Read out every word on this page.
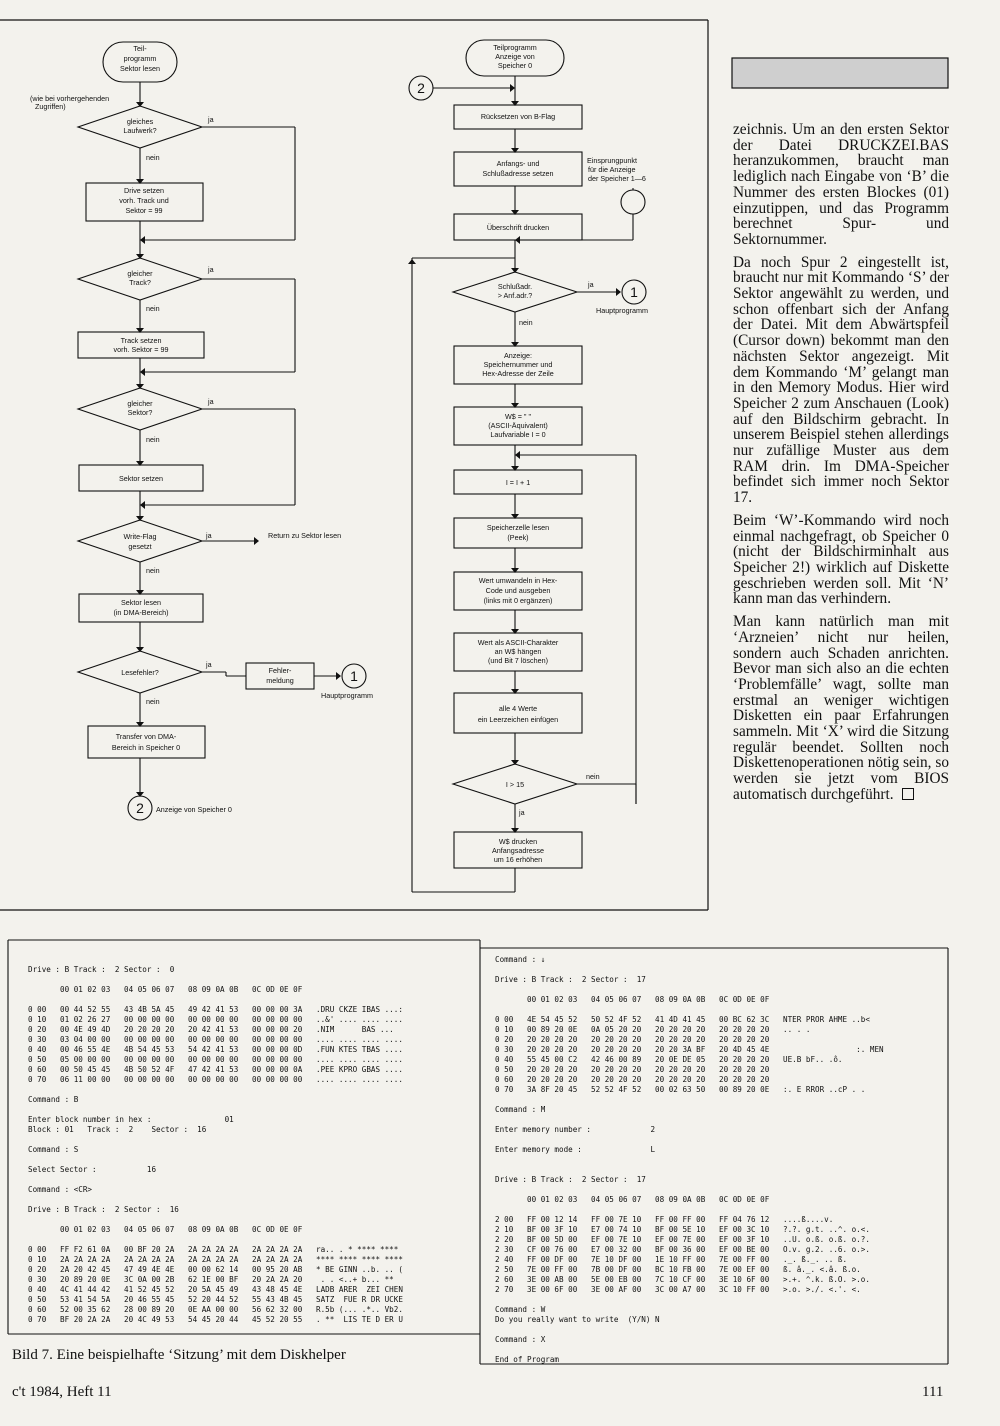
Teil-
programm
Sektor lesen
(wie bei vorhergehenden
Zugriffen)
gleiches
Laufwerk?
ja
nein
Drive setzen
vorh. Track und
Sektor = 99
gleicher
Track?
ja
nein
Track setzen
vorh. Sektor = 99
gleicher
Sektor?
ja
nein
Sektor setzen
Write-Flag
gesetzt
ja
nein
Return zu Sektor lesen
Sektor lesen
(in DMA-Bereich)
Lesefehler?
ja
nein
Fehler-
meldung	1
Hauptprogramm
Transfer von DMA-
Bereich in Speicher 0
2 Anzeige von Speicher 0
Teilprogramm
Anzeige von
Speicher 0
2
Rücksetzen von B-Flag
Anfangs- und
Schlußadresse setzen
Einsprungpunkt
für die Anzeige
der Speicher 1—6
Überschrift drucken
Schlußadr.
> Anf.adr.?
ja
nein
1
Hauptprogramm
Anzeige:
Speichernummer und
Hex-Adresse der Zeile
W$ = " "
(ASCII-Äquivalent)
Laufvariable I = 0
I = I + 1
Speicherzelle lesen
(Peek)
Wert umwandeln in Hex-
Code und ausgeben
(links mit 0 ergänzen)
Wert als ASCII-Charakter
an W$ hängen
(und Bit 7 löschen)
alle 4 Werte
ein Leerzeichen einfügen
I > 15
nein
ja
W$ drucken
Anfangsadresse
um 16 erhöhen

zeichnis. Um an den ersten Sektor der Datei DRUCKZEI.BAS heranzukommen, braucht man lediglich nach Eingabe von ‘B’ die Nummer des ersten Blockes (01) einzutippen, und das Programm berechnet Spur- und Sektornummer.

Da noch Spur 2 eingestellt ist, braucht nur mit Kommando ‘S’ der Sektor angewählt zu werden, und schon offenbart sich der Anfang der Datei. Mit dem Abwärtspfeil (Cursor down) bekommt man den nächsten Sektor angezeigt. Mit dem Kommando ‘M’ gelangt man in den Memory Modus. Hier wird Speicher 2 zum Anschauen (Look) auf den Bildschirm gebracht. In unserem Beispiel stehen allerdings nur zufällige Muster aus dem RAM drin. Im DMA-Speicher befindet sich immer noch Sektor 17.

Beim ‘W’-Kommando wird noch einmal nachgefragt, ob Speicher 0 (nicht der Bildschirminhalt aus Speicher 2!) wirklich auf Diskette geschrieben werden soll. Mit ‘N’ kann man das verhindern.

Man kann natürlich man mit ‘Arzneien’ nicht nur heilen, sondern auch Schaden anrichten. Bevor man sich also an die echten ‘Problemfälle’ wagt, sollte man erstmal an weniger wichtigen Disketten ein paar Erfahrungen sammeln. Mit ‘X’ wird die Sitzung regulär beendet. Sollten noch Diskettenoperationen nötig sein, so werden sie jetzt vom BIOS automatisch durchgeführt.

Drive : B Track :  2 Sector :  0

00 01 02 03   04 05 06 07   08 09 0A 0B   0C 0D 0E 0F

0 00   00 44 52 55   43 4B 5A 45   49 42 41 53   00 00 00 3A   .DRU CKZE IBAS ...:
0 10   01 02 26 27   00 00 00 00   00 00 00 00   00 00 00 00   ..&' .... .... ....
0 20   00 4E 49 4D   20 20 20 20   20 42 41 53   00 00 00 20   .NIM      BAS ...
0 30   03 04 00 00   00 00 00 00   00 00 00 00   00 00 00 00   .... .... .... ....
0 40   00 46 55 4E   4B 54 45 53   54 42 41 53   00 00 00 0D   .FUN KTES TBAS ....
0 50   05 00 00 00   00 00 00 00   00 00 00 00   00 00 00 00   .... .... .... ....
0 60   00 50 45 45   4B 50 52 4F   47 42 41 53   00 00 00 0A   .PEE KPRO GBAS ....
0 70   06 11 00 00   00 00 00 00   00 00 00 00   00 00 00 00   .... .... .... ....

Command : B

Enter block number in hex :                01
Block : 01   Track :  2    Sector :  16

Command : S

Select Sector :           16

Command : <CR>

Drive : B Track :  2 Sector :  16

00 01 02 03   04 05 06 07   08 09 0A 0B   0C 0D 0E 0F

0 00   FF F2 61 0A   00 BF 20 2A   2A 2A 2A 2A   2A 2A 2A 2A   ra.. . * **** ****
0 10   2A 2A 2A 2A   2A 2A 2A 2A   2A 2A 2A 2A   2A 2A 2A 2A   **** **** **** ****
0 20   2A 20 42 45   47 49 4E 4E   00 00 62 14   00 95 20 AB   * BE GINN ..b. .. (
0 30   20 89 20 0E   3C 0A 00 2B   62 1E 00 BF   20 2A 2A 20    . . <..+ b... **
0 40   4C 41 44 42   41 52 45 52   20 5A 45 49   43 48 45 4E   LADB ARER  ZEI CHEN
0 50   53 41 54 5A   20 46 55 45   52 20 44 52   55 43 4B 45   SATZ  FUE R DR UCKE
0 60   52 00 35 62   28 00 89 20   0E AA 00 00   56 62 32 00   R.5b (... .*.. Vb2.
0 70   BF 20 2A 2A   20 4C 49 53   54 45 20 44   45 52 20 55   . **  LIS TE D ER U
Command : ↓

Drive : B Track :  2 Sector :  17

00 01 02 03   04 05 06 07   08 09 0A 0B   0C 0D 0E 0F

0 00   4E 54 45 52   50 52 4F 52   41 4D 41 45   00 BC 62 3C   NTER PROR AHME ..b<
0 10   00 89 20 0E   0A 05 20 20   20 20 20 20   20 20 20 20   .. . .
0 20   20 20 20 20   20 20 20 20   20 20 20 20   20 20 20 20
0 30   20 20 20 20   20 20 20 20   20 20 3A BF   20 4D 45 4E                   :. MEN
0 40   55 45 00 C2   42 46 00 89   20 0E DE 05   20 20 20 20   UE.B bF.. .ô.
0 50   20 20 20 20   20 20 20 20   20 20 20 20   20 20 20 20
0 60   20 20 20 20   20 20 20 20   20 20 20 20   20 20 20 20
0 70   3A 8F 20 45   52 52 4F 52   00 02 63 50   00 89 20 0E   :. E RROR ..cP . .

Command : M

Enter memory number :             2

Enter memory mode :               L

Drive : B Track :  2 Sector :  17

00 01 02 03   04 05 06 07   08 09 0A 0B   0C 0D 0E 0F

2 00   FF 00 12 14   FF 00 7E 10   FF 00 FF 00   FF 04 76 12   ....ß....v.
2 10   BF 00 3F 10   E7 00 74 10   BF 00 5E 10   EF 00 3C 10   ?.?. g.t. ..^. o.<.
2 20   BF 00 5D 00   EF 00 7E 10   EF 00 7E 00   EF 00 3F 10   ..U. o.ß. o.ß. o.?.
2 30   CF 00 76 00   E7 00 32 00   BF 00 36 00   EF 00 BE 00   O.v. g.2. ..6. o.>.
2 40   FF 00 DF 00   7E 10 DF 00   1E 10 FF 00   7E 00 FF 00   ._. ß._. .. ß.
2 50   7E 00 FF 00   7B 00 DF 00   BC 10 FB 00   7E 00 EF 00   ß. â._. <.â. ß.o.
2 60   3E 00 AB 00   5E 00 EB 00   7C 10 CF 00   3E 10 6F 00   >.+. ^.k. ß.O. >.o.
2 70   3E 00 6F 00   3E 00 AF 00   3C 00 A7 00   3C 10 FF 00   >.o. >./. <.'. <.

Command : W
Do you really want to write  (Y/N) N

Command : X

End of Program
Bild 7. Eine beispielhafte ‘Sitzung’ mit dem Diskhelper
c't 1984, Heft 11	111
